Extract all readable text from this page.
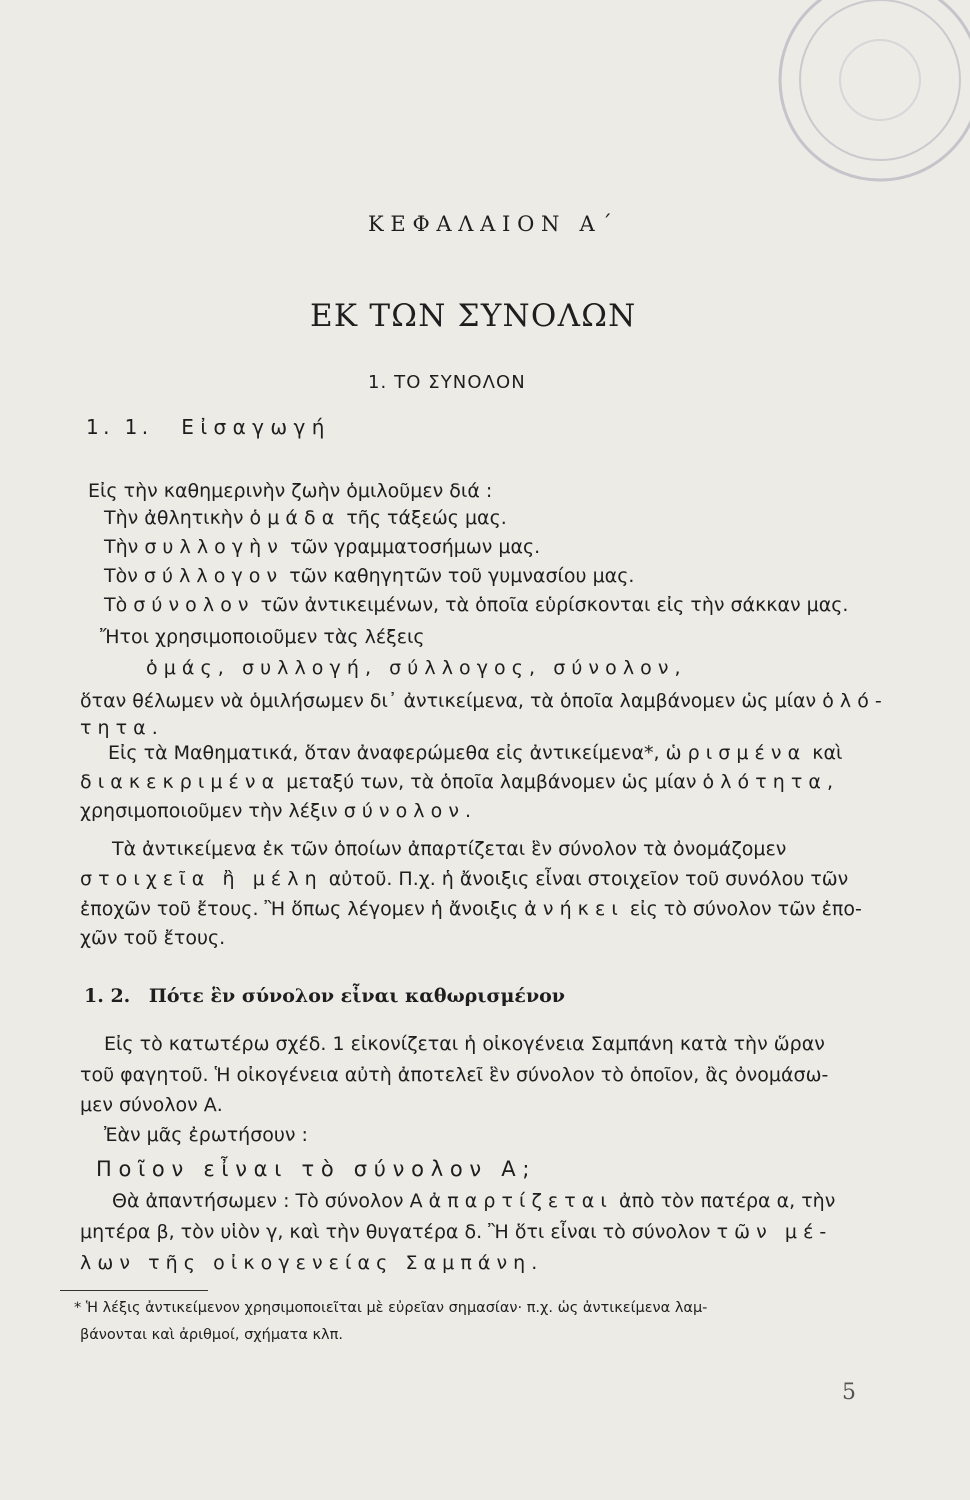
ΚΕΦΑΛΑΙΟΝ Α΄
ΕΚ ΤΩΝ ΣΥΝΟΛΩΝ
1. ΤΟ ΣΥΝΟΛΟΝ
1. 1. Εἰσαγωγή
Εἰς τὴν καθημερινὴν ζωὴν ὁμιλοῦμεν διά :
Τὴν ἀθλητικὴν ὁμάδα τῆς τάξεώς μας.
Τὴν συλλογὴν τῶν γραμματοσήμων μας.
Τὸν σύλλογον τῶν καθηγητῶν τοῦ γυμνασίου μας.
Τὸ σύνολον τῶν ἀντικειμένων, τὰ ὁποῖα εὑρίσκονται εἰς τὴν σάκκαν μας.
Ἤτοι χρησιμοποιοῦμεν τὰς λέξεις
ὁμάς, συλλογή, σύλλογος, σύνολον,
ὅταν θέλωμεν νὰ ὁμιλήσωμεν δι᾽ ἀντικείμενα, τὰ ὁποῖα λαμβάνομεν ὡς μίαν ὁλό-
τητα.
Εἰς τὰ Μαθηματικά, ὅταν ἀναφερώμεθα εἰς ἀντικείμενα*, ὡρισμένα καὶ
διακεκριμένα μεταξύ των, τὰ ὁποῖα λαμβάνομεν ὡς μίαν ὁλότητα,
χρησιμοποιοῦμεν τὴν λέξιν σύνολον.
Τὰ ἀντικείμενα ἐκ τῶν ὁποίων ἀπαρτίζεται ἓν σύνολον τὰ ὀνομάζομεν
στοιχεῖα ἢ μέλη αὐτοῦ. Π.χ. ἡ ἄνοιξις εἶναι στοιχεῖον τοῦ συνόλου τῶν
ἐποχῶν τοῦ ἔτους. Ἢ ὅπως λέγομεν ἡ ἄνοιξις ἀνήκει εἰς τὸ σύνολον τῶν ἐπο-
χῶν τοῦ ἔτους.
1. 2. Πότε ἓν σύνολον εἶναι καθωρισμένον
Εἰς τὸ κατωτέρω σχέδ. 1 εἰκονίζεται ἡ οἰκογένεια Σαμπάνη κατὰ τὴν ὥραν
τοῦ φαγητοῦ. Ἡ οἰκογένεια αὐτὴ ἀποτελεῖ ἓν σύνολον τὸ ὁποῖον, ἂς ὀνομάσω-
μεν σύνολον Α.
Ἐὰν μᾶς ἐρωτήσουν :
Ποῖον εἶναι τὸ σύνολον Α;
Θὰ ἀπαντήσωμεν : Τὸ σύνολον Α ἀπαρτίζεται ἀπὸ τὸν πατέρα α, τὴν
μητέρα β, τὸν υἱὸν γ, καὶ τὴν θυγατέρα δ. Ἢ ὅτι εἶναι τὸ σύνολον τῶν μέ-
λων τῆς οἰκογενείας Σαμπάνη.
* Ἡ λέξις ἀντικείμενον χρησιμοποιεῖται μὲ εὐρεῖαν σημασίαν· π.χ. ὡς ἀντικείμενα λαμ-
βάνονται καὶ ἀριθμοί, σχήματα κλπ.
5
